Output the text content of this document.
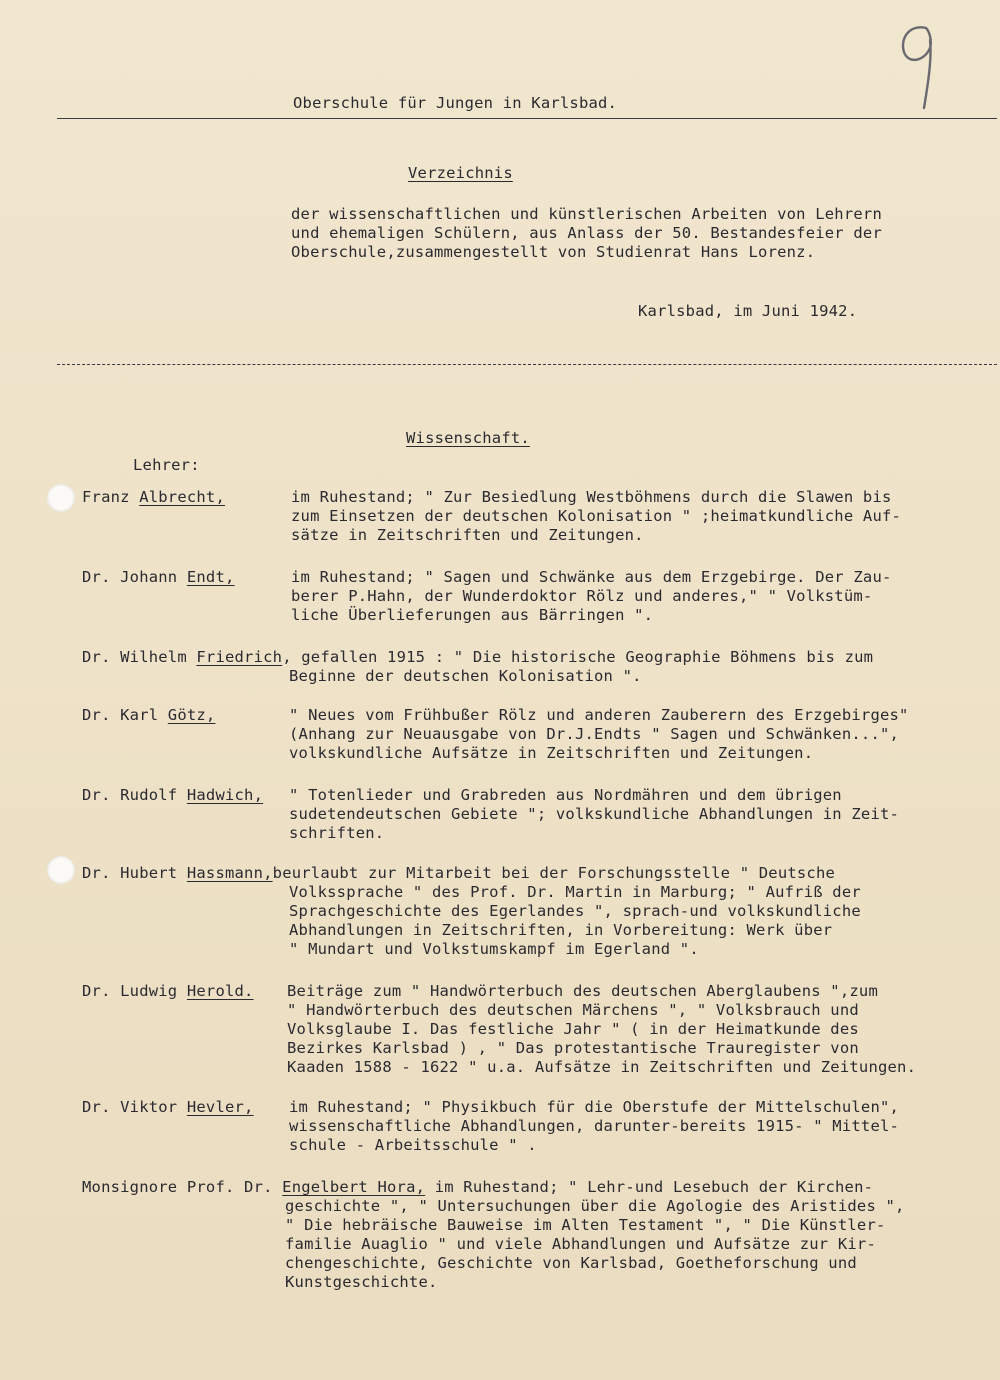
Oberschule für Jungen in Karlsbad.
Verzeichnis
der wissenschaftlichen und künstlerischen Arbeiten von Lehrern
und ehemaligen Schülern, aus Anlass der 50. Bestandesfeier der
Oberschule,zusammengestellt von Studienrat Hans Lorenz.
Karlsbad, im Juni 1942.
Wissenschaft.
Lehrer:
Franz Albrecht,	im Ruhestand; " Zur Besiedlung Westböhmens durch die Slawen bis
zum Einsetzen der deutschen Kolonisation " ;heimatkundliche Auf-
sätze in Zeitschriften und Zeitungen.
Dr. Johann Endt,	im Ruhestand; " Sagen und Schwänke aus dem Erzgebirge. Der Zau-
berer P.Hahn, der Wunderdoktor Rölz und anderes," " Volkstüm-
liche Überlieferungen aus Bärringen ".
Dr. Wilhelm Friedrich, gefallen 1915 : " Die historische Geographie Böhmens bis zum
Beginne der deutschen Kolonisation ".
Dr. Karl Götz,	" Neues vom Frühbußer Rölz und anderen Zauberern des Erzgebirges"
(Anhang zur Neuausgabe von Dr.J.Endts " Sagen und Schwänken...",
volkskundliche Aufsätze in Zeitschriften und Zeitungen.
Dr. Rudolf Hadwich, " Totenlieder und Grabreden aus Nordmähren und dem übrigen
sudetendeutschen Gebiete "; volkskundliche Abhandlungen in Zeit-
schriften.
Dr. Hubert Hassmann,beurlaubt zur Mitarbeit bei der Forschungsstelle " Deutsche
Volkssprache " des Prof. Dr. Martin in Marburg; " Aufriß der
Sprachgeschichte des Egerlandes ", sprach-und volkskundliche
Abhandlungen in Zeitschriften, in Vorbereitung: Werk über
" Mundart und Volkstumskampf im Egerland ".
Dr. Ludwig Herold. Beiträge zum " Handwörterbuch des deutschen Aberglaubens ",zum
" Handwörterbuch des deutschen Märchens ", " Volksbrauch und
Volksglaube I. Das festliche Jahr " ( in der Heimatkunde des
Bezirkes Karlsbad ) , " Das protestantische Trauregister von
Kaaden 1588 - 1622 " u.a. Aufsätze in Zeitschriften und Zeitungen.
Dr. Viktor Hevler, im Ruhestand; " Physikbuch für die Oberstufe der Mittelschulen",
wissenschaftliche Abhandlungen, darunter-bereits 1915- " Mittel-
schule - Arbeitsschule " .
Monsignore Prof. Dr. Engelbert Hora, im Ruhestand; " Lehr-und Lesebuch der Kirchen-
geschichte ", " Untersuchungen über die Agologie des Aristides ",
" Die hebräische Bauweise im Alten Testament ", " Die Künstler-
familie Auaglio " und viele Abhandlungen und Aufsätze zur Kir-
chengeschichte, Geschichte von Karlsbad, Goetheforschung und
Kunstgeschichte.
